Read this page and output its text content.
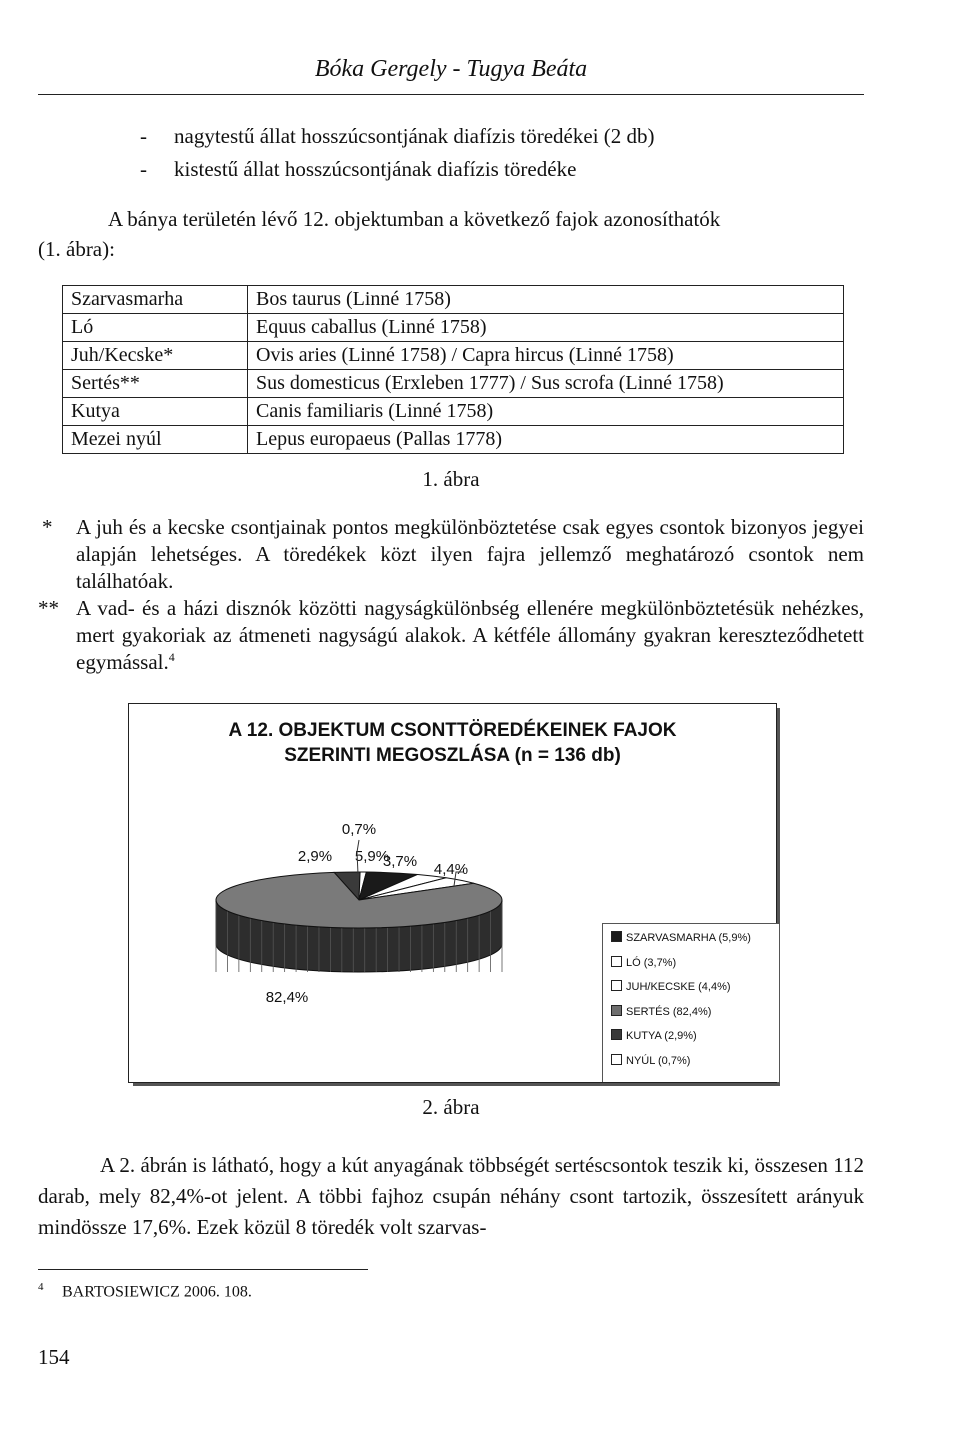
Bóka Gergely - Tugya Beáta
- nagytestű állat hosszúcsontjának diafízis töredékei (2 db)
- kistestű állat hosszúcsontjának diafízis töredéke
A bánya területén lévő 12. objektumban a következő fajok azonosíthatók
(1. ábra):
Szarvasmarha	Bos taurus (Linné 1758)
Ló	Equus caballus (Linné 1758)
Juh/Kecske*	Ovis aries (Linné 1758) / Capra hircus (Linné 1758)
Sertés**	Sus domesticus (Erxleben 1777) / Sus scrofa (Linné 1758)
Kutya	Canis familiaris (Linné 1758)
Mezei nyúl	Lepus europaeus (Pallas 1778)
1. ábra
* A juh és a kecske csontjainak pontos megkülönböztetése csak egyes csontok bizonyos jegyei alapján lehetséges. A töredékek közt ilyen fajra jellemző meghatározó csontok nem találhatóak.
** A vad- és a házi disznók közötti nagyságkülönbség ellenére megkülönböztetésük nehézkes, mert gyakoriak az átmeneti nagyságú alakok. A kétféle állomány gyakran kereszteződhetett egymással.$^4$
A 12. OBJEKTUM CSONTTÖREDÉKEINEK FAJOK
SZERINTI MEGOSZLÁSA (n = 136 db)
2,9%
0,7%
5,9%
3,7% 4,4%
82,4%
SZARVASMARHA (5,9%)
LÓ (3,7%)
JUH/KECSKE (4,4%)
SERTÉS (82,4%)
KUTYA (2,9%)
NYÚL (0,7%)
2. ábra
A 2. ábrán is látható, hogy a kút anyagának többségét sertéscsontok teszik ki, összesen 112 darab, mely 82,4%-ot jelent. A többi fajhoz csupán néhány csont tartozik, összesített arányuk mindössze 17,6%. Ezek közül 8 töredék volt szarvas-
4 BARTOSIEWICZ 2006. 108.
154
